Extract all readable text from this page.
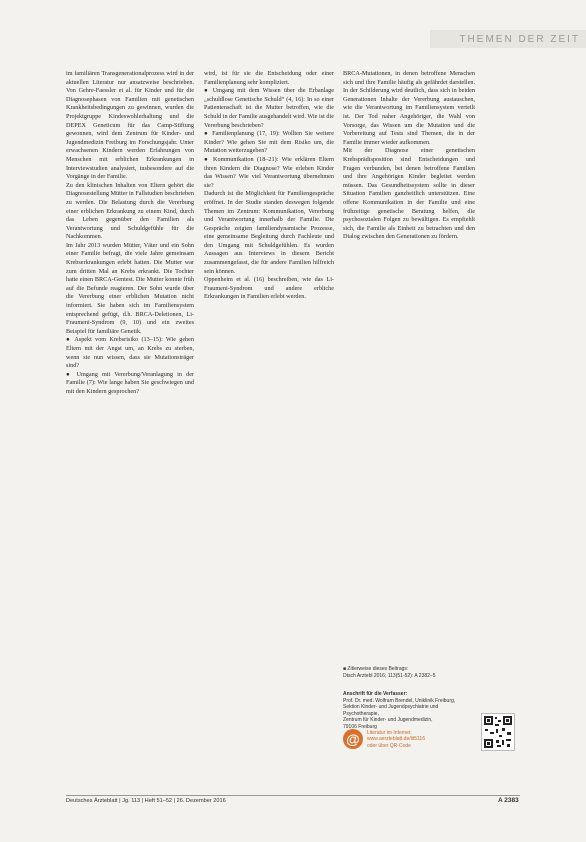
THEMEN DER ZEIT

im familiären Transgenerationalprozess wird in der aktuellen Literatur nur ansatzweise beschrieben. Von Gehre-Faessler et al. für Kinder und für die Diagnosephasen von Familien mit genetischen Krankheitsbedingungen zu gewinnen, wurden die Projektgruppe Kindeswohlerhaltung und die DEPEX Geneticum für das Camp-Stiftung gewonnen, wird dem Zentrum für Kinder- und Jugendmedizin Freiburg im Forschungsjahr. Unter erwachsenen Kindern werden Erfahrungen von Menschen mit erblichen Erkrankungen in Interviewstudien analysiert, insbesondere auf die Vorgänge in der Familie.

Zu den klinischen Inhalten von Eltern gehört die Diagnosestellung Mütter in Fallstudien beschrieben zu werden. Die Belastung durch die Vererbung einer erblichen Erkrankung zu einem Kind, durch das Leben gegenüber den Familien als Verantwortung und Schuldgefühle für die Nachkommen.

Im Jahr 2013 wurden Mütter, Väter und ein Sohn einer Familie befragt, die viele Jahre gemeinsam Krebserkrankungen erlebt hatten. Die Mutter war zum dritten Mal an Krebs erkrankt. Die Tochter hatte einen BRCA-Gentest. Die Mutter konnte früh auf die Befunde reagieren. Der Sohn wurde über die Vererbung einer erblichen Mutation nicht informiert. Sie haben sich im Familiensystem entsprechend gefügt, d.h. BRCA-Deletionen, Li-Fraumeni-Syndrom (9, 10) und ein zweites Beispiel für familiäre Genetik.

● Aspekt vom Krebsrisiko (13–15): Wie gehen Eltern mit der Angst um, an Krebs zu sterben, wenn sie nun wissen, dass sie Mutationsträger sind?

● Umgang mit Vererbung/Veranlagung in der Familie (7): Wie lange haben Sie geschwiegen und mit den Kindern gesprochen?

wird, ist für sie die Entscheidung oder einer Familienplanung sehr kompliziert.

● Umgang mit dem Wissen über die Erbanlage „schuldlose Genetische Schuld“ (4, 16): In so einer Patientenschaft ist die Mutter betroffen, wie die Schuld in der Familie ausgehandelt wird. Wie ist die Vererbung beschrieben?

● Familienplanung (17, 19): Wollten Sie weitere Kinder? Wie gehen Sie mit dem Risiko um, die Mutation weiterzugeben?

● Kommunikation (18–21): Wie erklären Eltern ihren Kindern die Diagnose? Wie erleben Kinder das Wissen? Wie viel Verantwortung übernehmen sie?

Dadurch ist die Möglichkeit für Familiengespräche eröffnet. In der Studie standen deswegen folgende Themen im Zentrum: Kommunikation, Vererbung und Verantwortung innerhalb der Familie. Die Gespräche zeigten familiendynamische Prozesse, eine gemeinsame Begleitung durch Fachleute und den Umgang mit Schuldgefühlen. Es wurden Aussagen aus Interviews in diesem Bericht zusammengefasst, die für andere Familien hilfreich sein können.

Oppenheim et al. (16) beschreiben, wie das Li-Fraumeni-Syndrom und andere erbliche Erkrankungen in Familien erlebt werden.

BRCA-Mutationen, in denen betroffene Menschen sich und ihre Familie häufig als gefährdet darstellen. In der Schilderung wird deutlich, dass sich in beiden Generationen Inhalte der Vererbung austauschen, wie die Verantwortung im Familiensystem verteilt ist. Der Tod naher Angehöriger, die Wahl von Vorsorge, das Wissen um die Mutation und die Vorbereitung auf Tests sind Themen, die in der Familie immer wieder aufkommen.

Mit der Diagnose einer genetischen Krebsprädisposition sind Entscheidungen und Fragen verbunden, bei denen betroffene Familien und ihre Angehörigen Kinder begleitet werden müssen. Das Gesundheitssystem sollte in dieser Situation Familien ganzheitlich unterstützen. Eine offene Kommunikation in der Familie und eine frühzeitige genetische Beratung helfen, die psychosozialen Folgen zu bewältigen. Es empfiehlt sich, die Familie als Einheit zu betrachten und den Dialog zwischen den Generationen zu fördern.

■ Zitierweise dieses Beitrags:
Dtsch Arztebl 2016; 113(51-52): A 2382–5
Anschrift für die Verfasser:
Prof. Dr. med. Wolfram Brendel, Uniklinik Freiburg,
Sektion Kinder- und Jugendpsychiatrie und Psychotherapie,
Zentrum für Kinder- und Jugendmedizin,
79106 Freiburg
@	Literatur im Internet:
www.aerzteblatt.de/lit5116
oder über QR-Code
Deutsches Ärzteblatt | Jg. 113 | Heft 51–52 | 26. Dezember 2016	A 2383
